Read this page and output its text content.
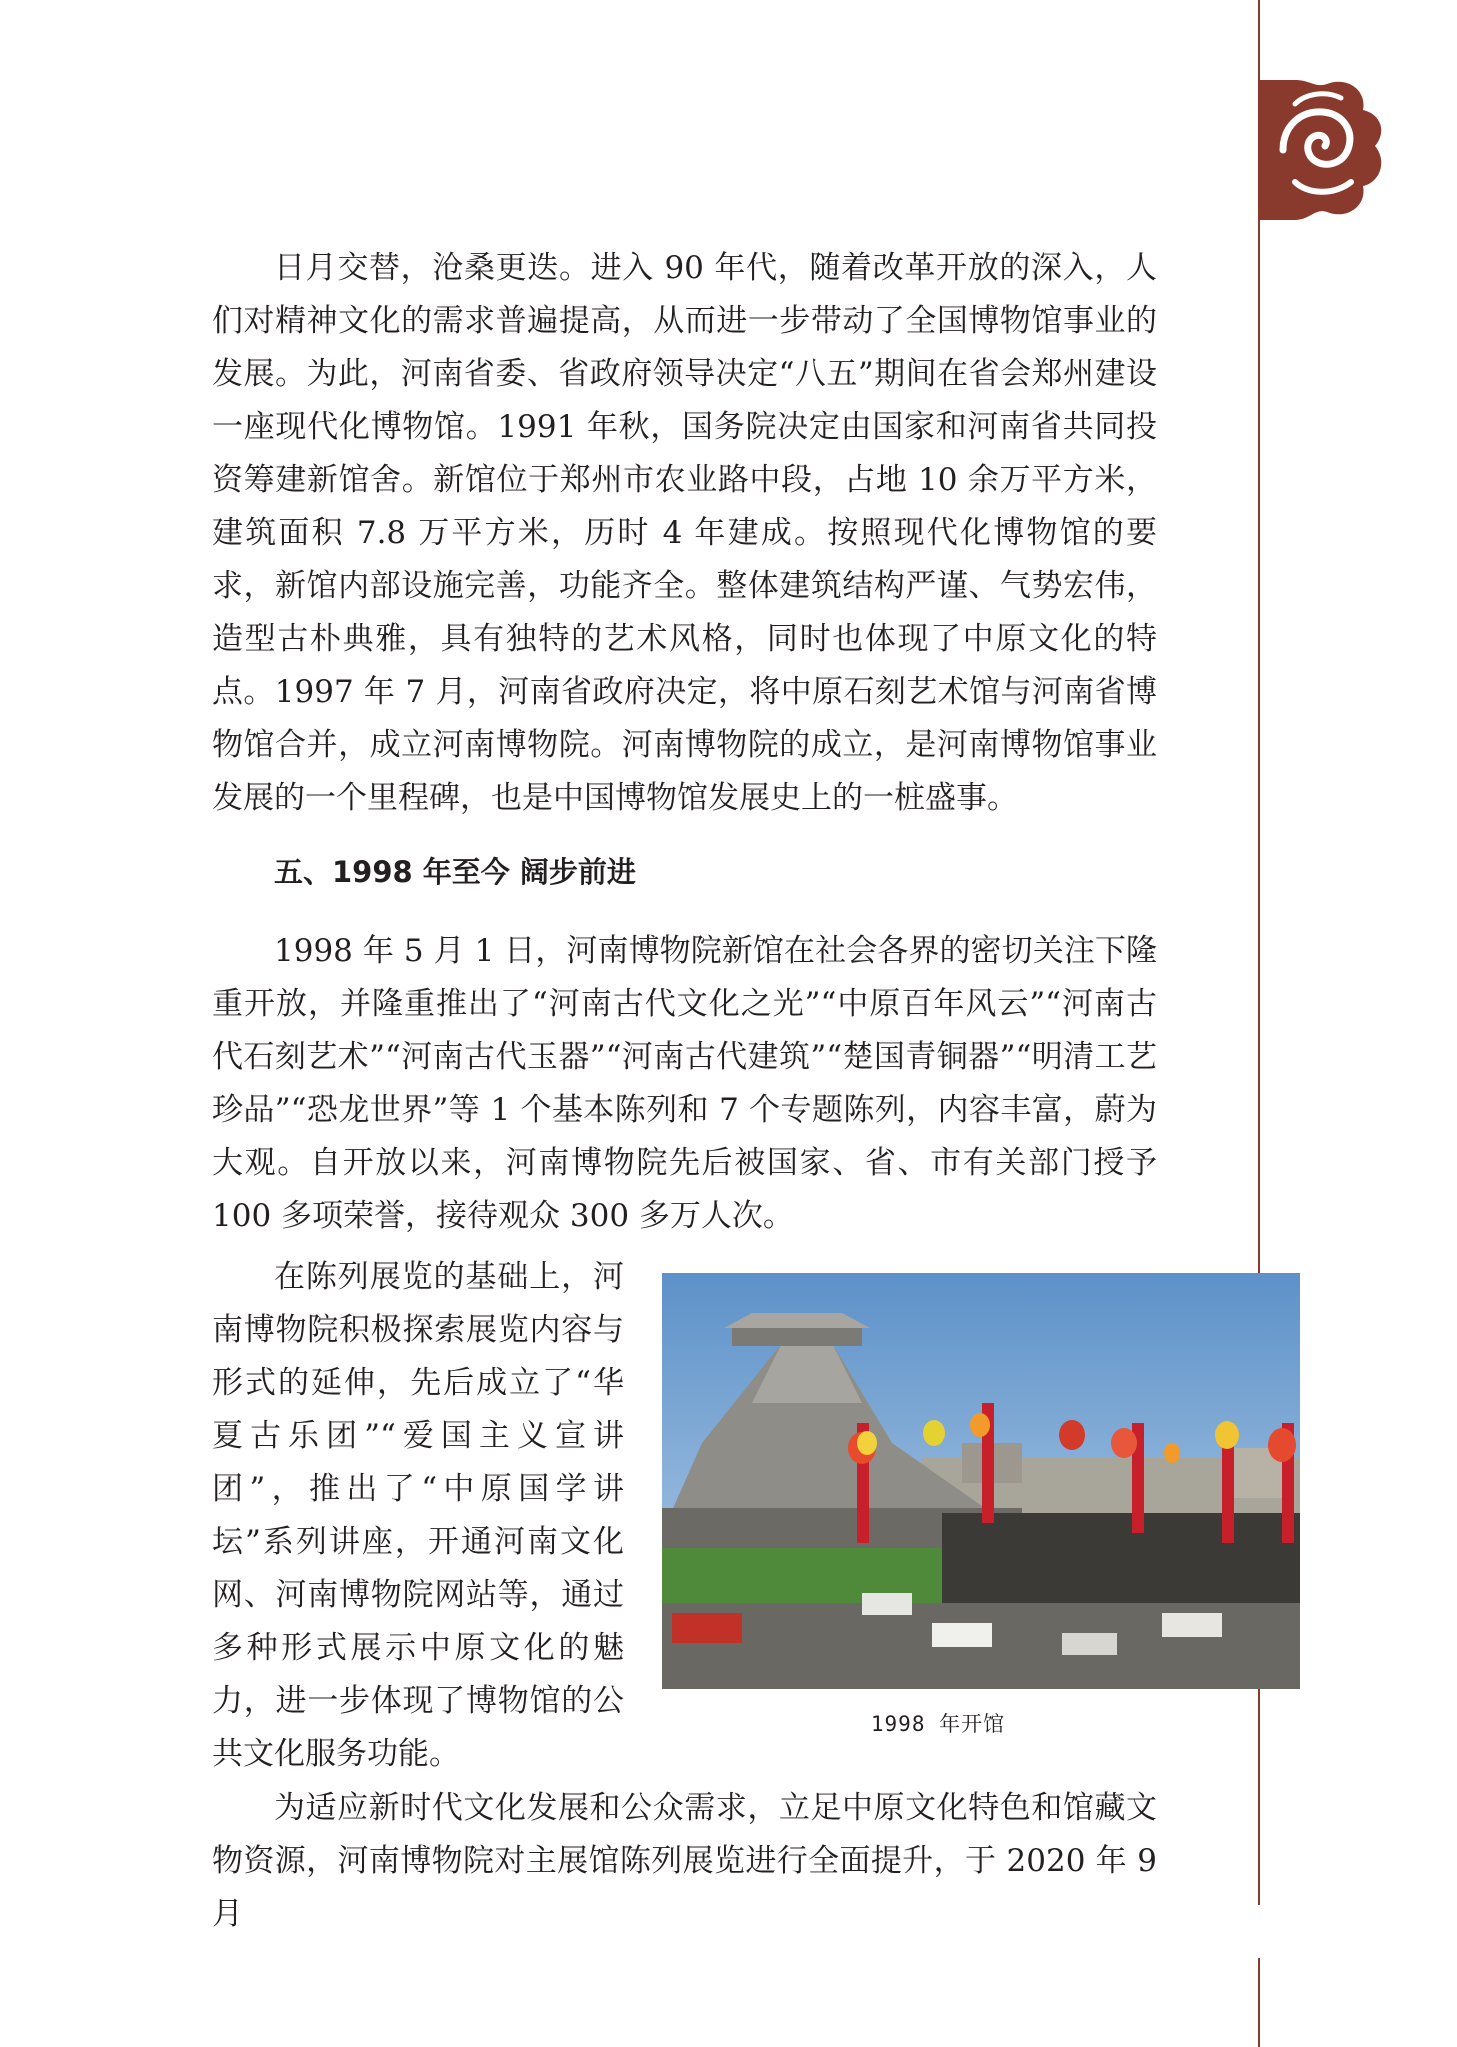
日月交替，沧桑更迭。进入 90 年代，随着改革开放的深入，人们对精神文化的需求普遍提高，从而进一步带动了全国博物馆事业的发展。为此，河南省委、省政府领导决定“八五”期间在省会郑州建设一座现代化博物馆。1991 年秋，国务院决定由国家和河南省共同投资筹建新馆舍。新馆位于郑州市农业路中段，占地 10 余万平方米，建筑面积 7.8 万平方米，历时 4 年建成。按照现代化博物馆的要求，新馆内部设施完善，功能齐全。整体建筑结构严谨、气势宏伟，造型古朴典雅，具有独特的艺术风格，同时也体现了中原文化的特点。1997 年 7 月，河南省政府决定，将中原石刻艺术馆与河南省博物馆合并，成立河南博物院。河南博物院的成立，是河南博物馆事业发展的一个里程碑，也是中国博物馆发展史上的一桩盛事。

五、1998 年至今 阔步前进

1998 年 5 月 1 日，河南博物院新馆在社会各界的密切关注下隆重开放，并隆重推出了“河南古代文化之光”“中原百年风云”“河南古代石刻艺术”“河南古代玉器”“河南古代建筑”“楚国青铜器”“明清工艺珍品”“恐龙世界”等 1 个基本陈列和 7 个专题陈列，内容丰富，蔚为大观。自开放以来，河南博物院先后被国家、省、市有关部门授予 100 多项荣誉，接待观众 300 多万人次。

在陈列展览的基础上，河南博物院积极探索展览内容与形式的延伸，先后成立了“华夏古乐团”“爱国主义宣讲团”，推出了“中原国学讲坛”系列讲座，开通河南文化网、河南博物院网站等，通过多种形式展示中原文化的魅力，进一步体现了博物馆的公共文化服务功能。

1998 年开馆

为适应新时代文化发展和公众需求，立足中原文化特色和馆藏文物资源，河南博物院对主展馆陈列展览进行全面提升，于 2020 年 9 月
